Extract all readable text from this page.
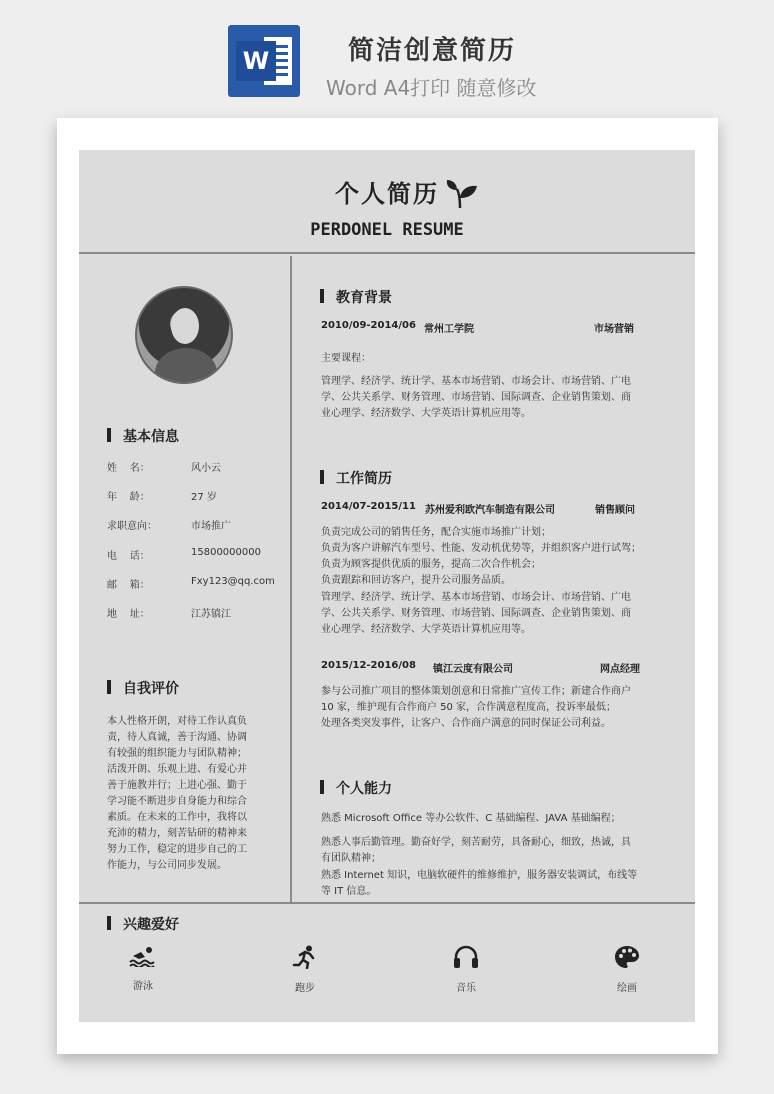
W	简洁创意简历
Word A4打印 随意修改
个人简历
PERDONEL RESUME
基本信息
姓    名：	风小云
年    龄：	27 岁
求职意向：	市场推广
电    话：	15800000000
邮    箱：	Fxy123@qq.com
地    址：	江苏镇江
自我评价
本人性格开朗，对待工作认真负
责，待人真诚，善于沟通、协调
有较强的组织能力与团队精神；
活泼开朗、乐观上进、有爱心并
善于施教并行；上进心强、勤于
学习能不断进步自身能力和综合
素质。在未来的工作中，我将以
充沛的精力，刻苦钻研的精神来
努力工作，稳定的进步自己的工
作能力，与公司同步发展。
教育背景
2010/09-2014/06 常州工学院	市场营销
主要课程：
管理学、经济学、统计学、基本市场营销、市场会计、市场营销、广电
学、公共关系学、财务管理、市场营销、国际调查、企业销售策划、商
业心理学、经济数学、大学英语计算机应用等。
工作简历
2014/07-2015/11 苏州爱利欧汽车制造有限公司	销售顾问
负责完成公司的销售任务，配合实施市场推广计划；
负责为客户讲解汽车型号、性能、发动机优势等，并组织客户进行试驾；
负责为顾客提供优质的服务，提高二次合作机会；
负责跟踪和回访客户，提升公司服务品质。
管理学、经济学、统计学、基本市场营销、市场会计、市场营销、广电
学、公共关系学、财务管理、市场营销、国际调查、企业销售策划、商
业心理学、经济数学、大学英语计算机应用等。
2015/12-2016/08 镇江云度有限公司	网点经理
参与公司推广项目的整体策划创意和日常推广宣传工作；新建合作商户
10 家，维护现有合作商户 50 家，合作满意程度高，投诉率最低；
处理各类突发事件，让客户、合作商户满意的同时保证公司利益。
个人能力
熟悉 Microsoft Office 等办公软件、C 基础编程、JAVA 基础编程；
熟悉人事后勤管理。勤奋好学，刻苦耐劳，具备耐心，细致，热诚，具
有团队精神；
熟悉 Internet 知识，电脑软硬件的维修维护，服务器安装调试，布线等
等 IT 信息。
兴趣爱好
游泳	跑步	音乐	绘画
